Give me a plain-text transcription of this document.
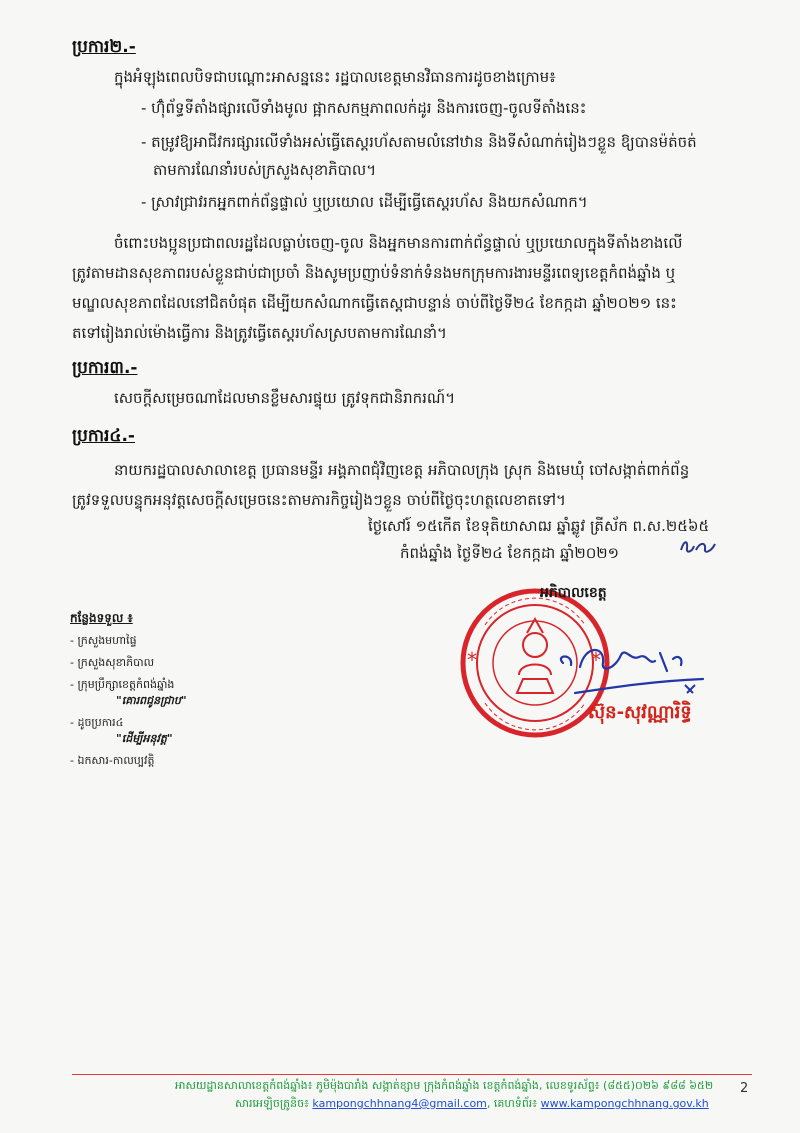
ប្រការ២.-
ក្នុងអំឡុងពេលបិទជាបណ្តោះអាសន្ននេះ រដ្ឋបាលខេត្តមានវិធានការដូចខាងក្រោម៖
- ហ៊ុំព័ទ្ធទីតាំងផ្សារលើទាំងមូល ផ្អាកសកម្មភាពលក់ដូរ និងការចេញ-ចូលទីតាំងនេះ
- តម្រូវឱ្យអាជីវករផ្សារលើទាំងអស់ធ្វើតេស្តរហ័សតាមលំនៅឋាន និងទីសំណាក់រៀងៗខ្លួន ឱ្យបានម៉ត់ចត់
តាមការណែនាំរបស់ក្រសួងសុខាភិបាល។
- ស្រាវជ្រាវរកអ្នកពាក់ព័ន្ធផ្ទាល់ ឬប្រយោល ដើម្បីធ្វើតេស្តរហ័ស និងយកសំណាក។
ចំពោះបងប្អូនប្រជាពលរដ្ឋដែលធ្លាប់ចេញ-ចូល និងអ្នកមានការពាក់ព័ន្ធផ្ទាល់ ឬប្រយោលក្នុងទីតាំងខាងលើ
ត្រូវតាមដានសុខភាពរបស់ខ្លួនជាប់ជាប្រចាំ និងសូមប្រញាប់ទំនាក់ទំនងមកក្រុមការងារមន្ទីរពេទ្យខេត្តកំពង់ឆ្នាំង ឬ
មណ្ឌលសុខភាពដែលនៅជិតបំផុត ដើម្បីយកសំណាកធ្វើតេស្តជាបន្ទាន់ ចាប់ពីថ្ងៃទី២៤ ខែកក្កដា ឆ្នាំ២០២១ នេះ
តទៅរៀងរាល់ម៉ោងធ្វើការ និងត្រូវធ្វើតេស្តរហ័សស្របតាមការណែនាំ។
ប្រការ៣.-
សេចក្តីសម្រេចណាដែលមានខ្លឹមសារផ្ទុយ ត្រូវទុកជានិរាករណ៍។
ប្រការ៤.-
នាយករដ្ឋបាលសាលាខេត្ត ប្រធានមន្ទីរ អង្គភាពជុំវិញខេត្ត អភិបាលក្រុង ស្រុក និងមេឃុំ ចៅសង្កាត់ពាក់ព័ន្ធ
ត្រូវទទួលបន្ទុកអនុវត្តសេចក្តីសម្រេចនេះតាមភារកិច្ចរៀងៗខ្លួន ចាប់ពីថ្ងៃចុះហត្ថលេខាតទៅ។
ថ្ងៃសៅរ៍ ១៥កើត ខែទុតិយាសាឍ ឆ្នាំឆ្លូវ ត្រីស័ក ព.ស.២៥៦៥
កំពង់ឆ្នាំង ថ្ងៃទី២៤ ខែកក្កដា ឆ្នាំ២០២១
កន្លែងទទួល ៖
- ក្រសួងមហាផ្ទៃ
- ក្រសួងសុខាភិបាល
- ក្រុមប្រឹក្សាខេត្តកំពង់ឆ្នាំង
"គោរពជូនជ្រាប"
- ដូចប្រការ៤
"ដើម្បីអនុវត្ត"
- ឯកសារ-កាលប្បវត្តិ
*	*
អភិបាលខេត្ត
ស៊ុន-សុវណ្ណារិទ្ធិ
អាសយដ្ឋានសាលាខេត្តកំពង់ឆ្នាំង៖ ភូមិម៉ុងបារាំង សង្កាត់ខ្សាម ក្រុងកំពង់ឆ្នាំង ខេត្តកំពង់ឆ្នាំង, លេខទូរស័ព្ទ៖ (៨៥៥)០២៦ ៩៨៨ ៦៥២
សារអេឡិចត្រូនិច៖ kampongchhnang4@gmail.com, គេហទំព័រ៖ www.kampongchhnang.gov.kh
2
